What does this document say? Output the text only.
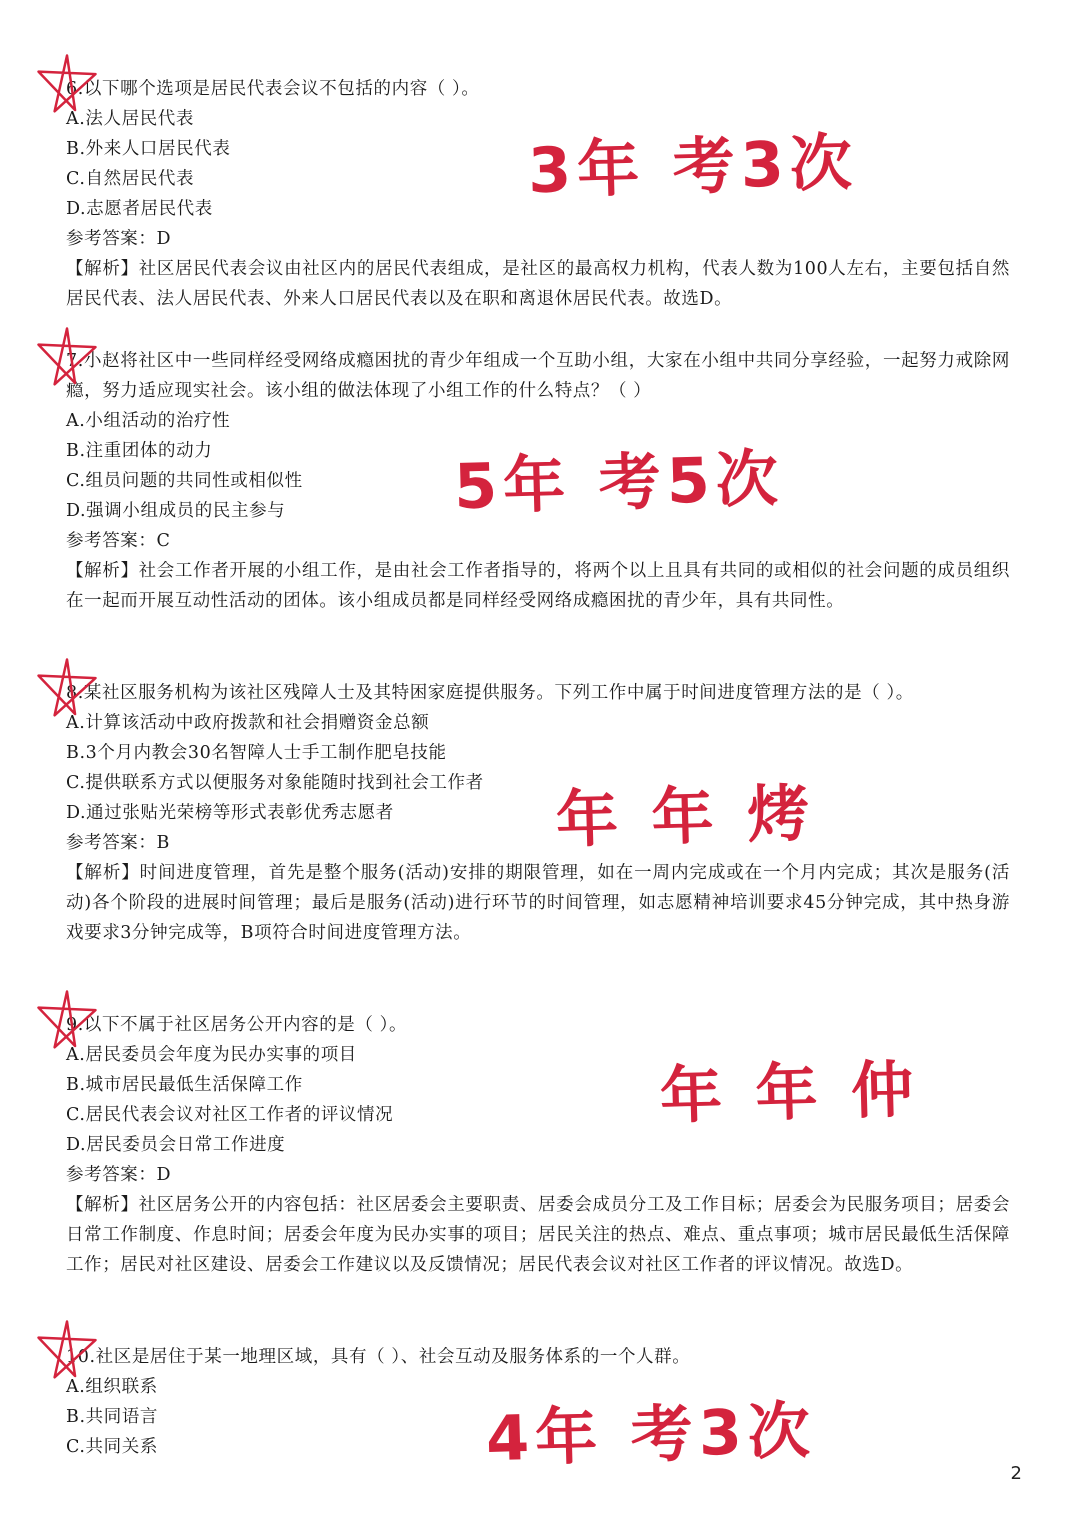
6.以下哪个选项是居民代表会议不包括的内容（ ）。
A.法人居民代表
B.外来人口居民代表
C.自然居民代表
D.志愿者居民代表
参考答案：D
【解析】社区居民代表会议由社区内的居民代表组成，是社区的最高权力机构，代表人数为100人左右，主要包括自然居民代表、法人居民代表、外来人口居民代表以及在职和离退休居民代表。故选D。
7.小赵将社区中一些同样经受网络成瘾困扰的青少年组成一个互助小组，大家在小组中共同分享经验，一起努力戒除网瘾，努力适应现实社会。该小组的做法体现了小组工作的什么特点？（ ）
A.小组活动的治疗性
B.注重团体的动力
C.组员问题的共同性或相似性
D.强调小组成员的民主参与
参考答案：C
【解析】社会工作者开展的小组工作，是由社会工作者指导的，将两个以上且具有共同的或相似的社会问题的成员组织在一起而开展互动性活动的团体。该小组成员都是同样经受网络成瘾困扰的青少年，具有共同性。
8.某社区服务机构为该社区残障人士及其特困家庭提供服务。下列工作中属于时间进度管理方法的是（ ）。
A.计算该活动中政府拨款和社会捐赠资金总额
B.3个月内教会30名智障人士手工制作肥皂技能
C.提供联系方式以便服务对象能随时找到社会工作者
D.通过张贴光荣榜等形式表彰优秀志愿者
参考答案：B
【解析】时间进度管理，首先是整个服务(活动)安排的期限管理，如在一周内完成或在一个月内完成；其次是服务(活动)各个阶段的进展时间管理；最后是服务(活动)进行环节的时间管理，如志愿精神培训要求45分钟完成，其中热身游戏要求3分钟完成等，B项符合时间进度管理方法。
9.以下不属于社区居务公开内容的是（ ）。
A.居民委员会年度为民办实事的项目
B.城市居民最低生活保障工作
C.居民代表会议对社区工作者的评议情况
D.居民委员会日常工作进度
参考答案：D
【解析】社区居务公开的内容包括：社区居委会主要职责、居委会成员分工及工作目标；居委会为民服务项目；居委会日常工作制度、作息时间；居委会年度为民办实事的项目；居民关注的热点、难点、重点事项；城市居民最低生活保障工作；居民对社区建设、居委会工作建议以及反馈情况；居民代表会议对社区工作者的评议情况。故选D。
10.社区是居住于某一地理区域，具有（ ）、社会互动及服务体系的一个人群。
A.组织联系
B.共同语言
C.共同关系
3年 考3次
5年 考5次
年 年 烤
年 年 仲
4年 考3次	2
